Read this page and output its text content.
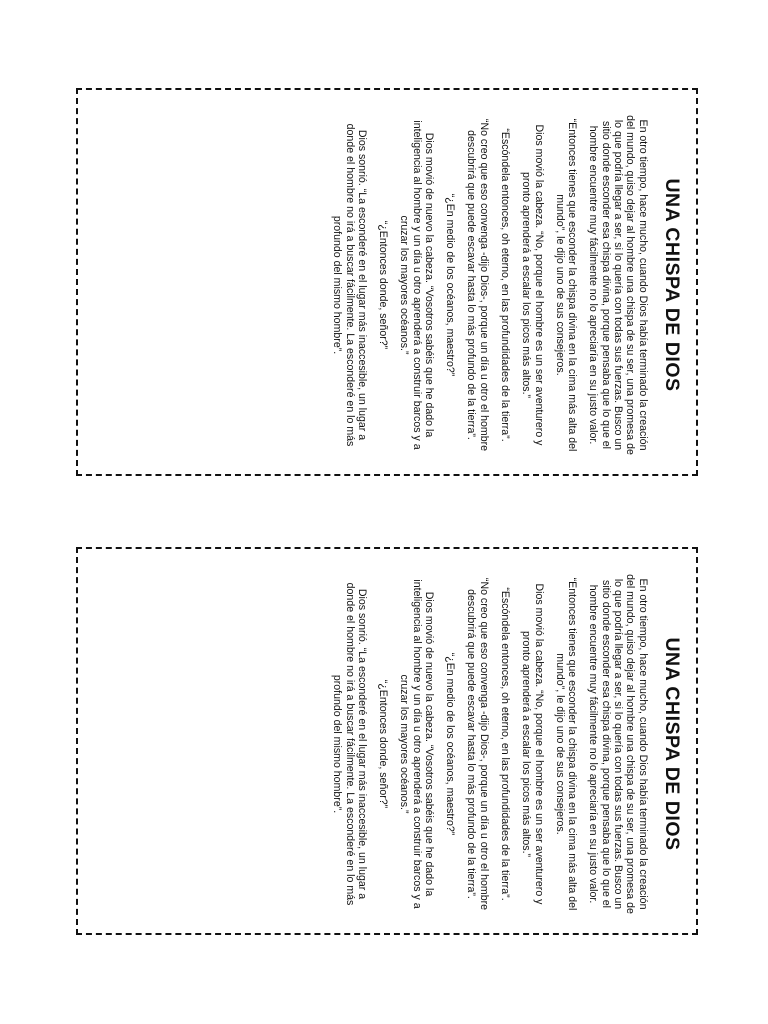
UNA CHISPA DE DIOS

En otro tiempo, hace mucho, cuando Dios había terminado la creación del mundo, quiso dejar al hombre una chispa de su ser, una promesa de lo que podría llegar a ser, si lo quería con todas sus fuerzas. Busco un sitio donde esconder esa chispa divina, porque pensaba que lo que el hombre encuentre muy fácilmente no lo apreciaría en su justo valor.

“Entonces tienes que esconder la chispa divina en la cima más alta del mundo”, le dijo uno de sus consejeros.

Dios movió la cabeza. “No, porque el hombre es un ser aventurero y pronto aprenderá a escalar los picos más altos.”

“Escóndela entonces, oh eterno, en las profundidades de la tierra”.

“No creo que eso convenga -dijo Dios-, porque un día u otro el hombre descubrirá que puede escavar hasta lo más profundo de la tierra”.

“¿En medio de los océanos, maestro?”

Dios movió de nuevo la cabeza. “Vosotros sabéis que he dado la inteligencia al hombre y un día u otro aprenderá a construir barcos y a cruzar los mayores océanos.”

“¿Entonces donde, señor?”

Dios sonrió. “La esconderé en el lugar más inaccesible, un lugar a donde el hombre no irá a buscar fácilmente. La esconderé en lo más profundo del mismo hombre”.

UNA CHISPA DE DIOS

En otro tiempo, hace mucho, cuando Dios había terminado la creación del mundo, quiso dejar al hombre una chispa de su ser, una promesa de lo que podría llegar a ser, si lo quería con todas sus fuerzas. Busco un sitio donde esconder esa chispa divina, porque pensaba que lo que el hombre encuentre muy fácilmente no lo apreciaría en su justo valor.

“Entonces tienes que esconder la chispa divina en la cima más alta del mundo”, le dijo uno de sus consejeros.

Dios movió la cabeza. “No, porque el hombre es un ser aventurero y pronto aprenderá a escalar los picos más altos.”

“Escóndela entonces, oh eterno, en las profundidades de la tierra”.

“No creo que eso convenga -dijo Dios-, porque un día u otro el hombre descubrirá que puede escavar hasta lo más profundo de la tierra”.

“¿En medio de los océanos, maestro?”

Dios movió de nuevo la cabeza. “Vosotros sabéis que he dado la inteligencia al hombre y un día u otro aprenderá a construir barcos y a cruzar los mayores océanos.”

“¿Entonces donde, señor?”

Dios sonrió. “La esconderé en el lugar más inaccesible, un lugar a donde el hombre no irá a buscar fácilmente. La esconderé en lo más profundo del mismo hombre”.
